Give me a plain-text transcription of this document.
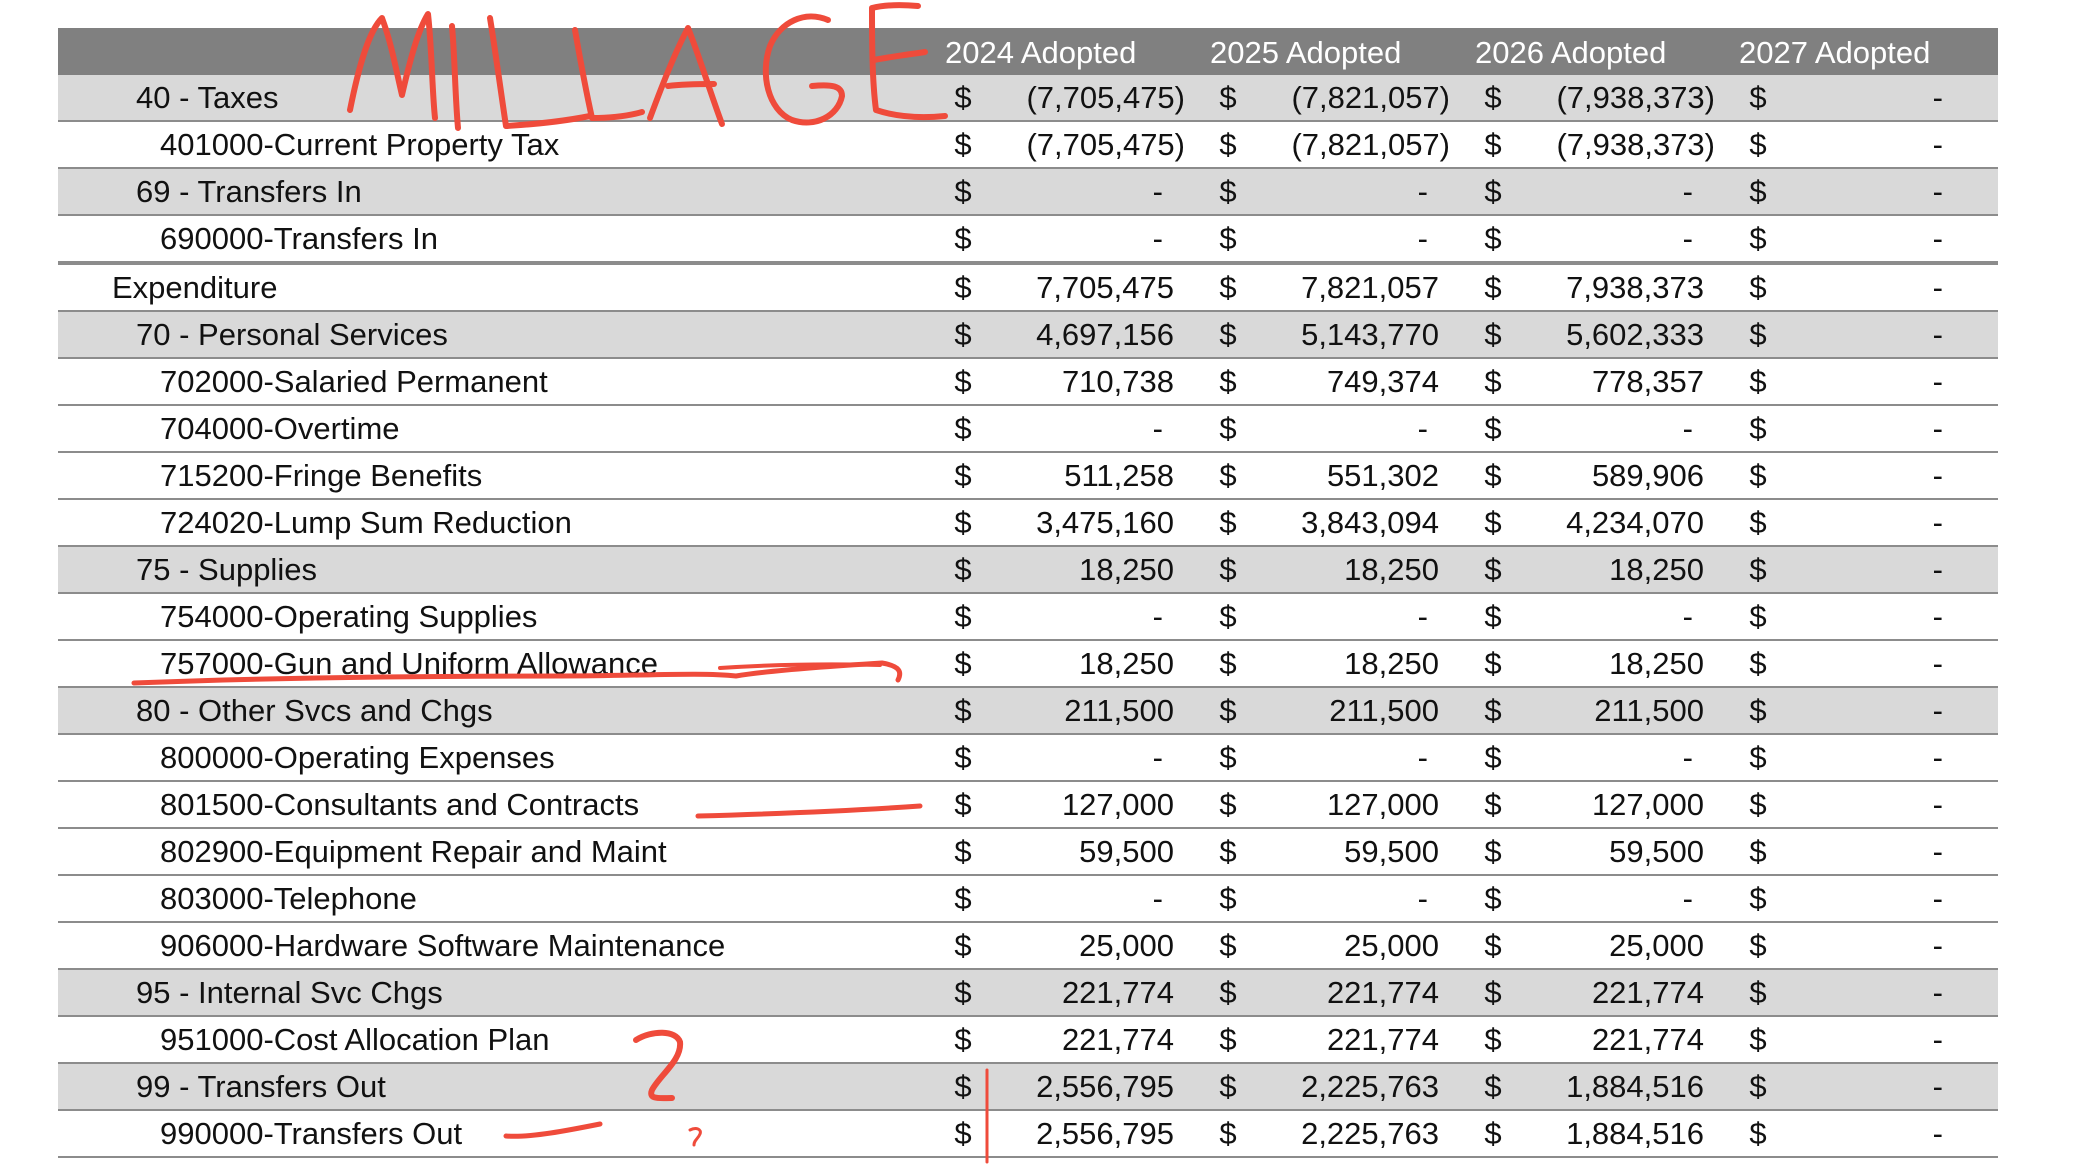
2024 Adopted 2025 Adopted 2026 Adopted 2027 Adopted
40 - Taxes	$ (7,705,475) $ (7,821,057) $ (7,938,373) $	-
401000-Current Property Tax	$ (7,705,475) $ (7,821,057) $ (7,938,373) $	-
69 - Transfers In	$	- $	- $	- $	-
690000-Transfers In	$	- $	- $	- $	-
Expenditure	$ 7,705,475 $ 7,821,057 $ 7,938,373 $	-
70 - Personal Services	$ 4,697,156 $ 5,143,770 $ 5,602,333 $	-
702000-Salaried Permanent	$	710,738 $	749,374 $	778,357 $	-
704000-Overtime	$	- $	- $	- $	-
715200-Fringe Benefits	$	511,258 $	551,302 $	589,906 $	-
724020-Lump Sum Reduction	$ 3,475,160 $ 3,843,094 $ 4,234,070 $	-
75 - Supplies	$	18,250 $	18,250 $	18,250 $	-
754000-Operating Supplies	$	- $	- $	- $	-
757000-Gun and Uniform Allowance	$	18,250 $	18,250 $	18,250 $	-
80 - Other Svcs and Chgs	$	211,500 $	211,500 $	211,500 $	-
800000-Operating Expenses	$	- $	- $	- $	-
801500-Consultants and Contracts	$	127,000 $	127,000 $	127,000 $	-
802900-Equipment Repair and Maint	$	59,500 $	59,500 $	59,500 $	-
803000-Telephone	$	- $	- $	- $	-
906000-Hardware Software Maintenance	$	25,000 $	25,000 $	25,000 $	-
95 - Internal Svc Chgs	$	221,774 $	221,774 $	221,774 $	-
951000-Cost Allocation Plan	$	221,774 $	221,774 $	221,774 $	-
99 - Transfers Out	$ 2,556,795 $ 2,225,763 $ 1,884,516 $	-
990000-Transfers Out	$ 2,556,795 $ 2,225,763 $ 1,884,516 $	-
